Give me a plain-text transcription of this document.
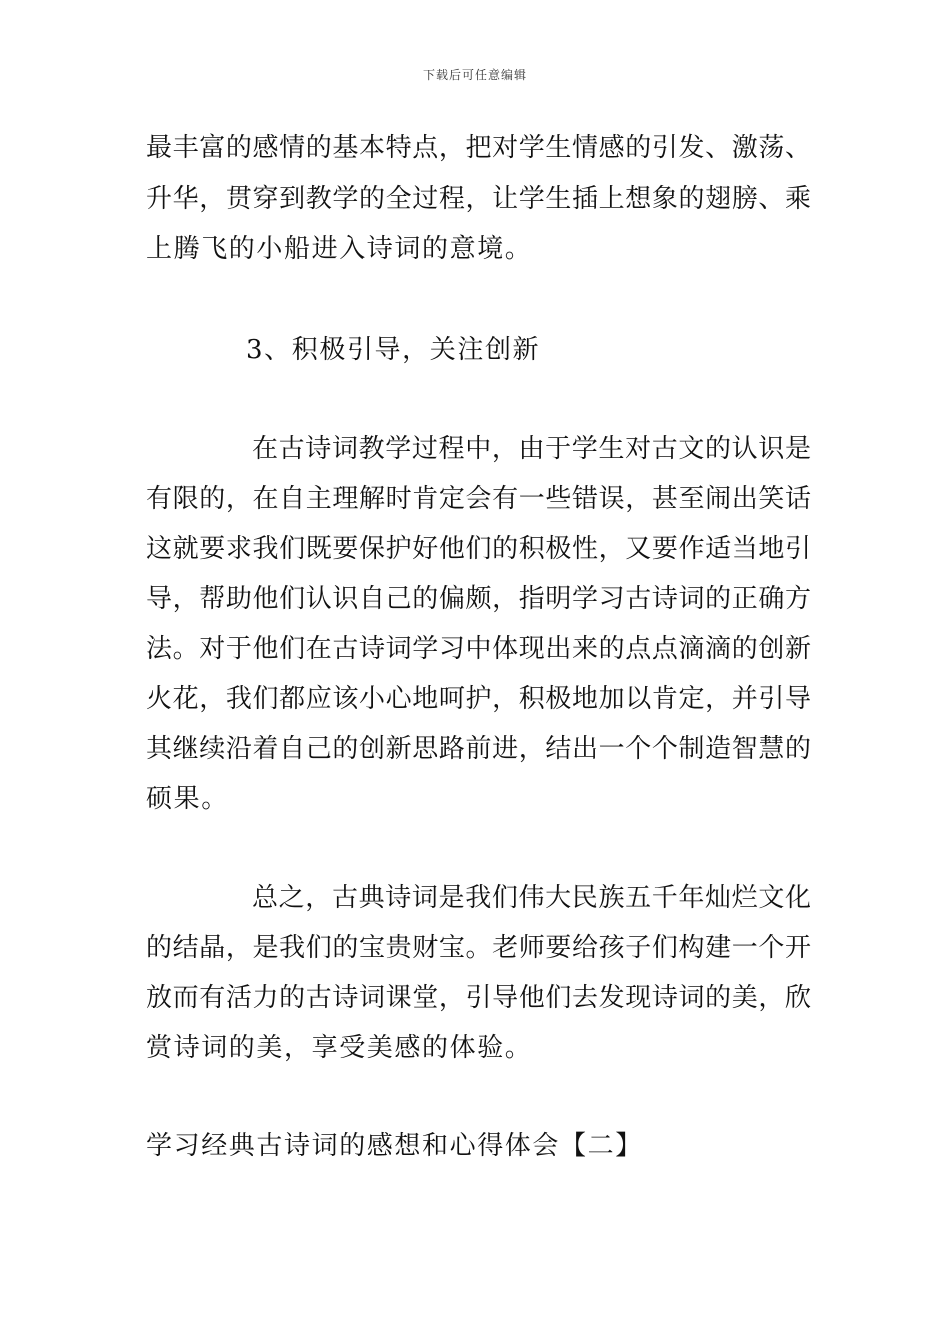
下载后可任意编辑
最丰富的感情的基本特点，把对学生情感的引发、激荡、
升华，贯穿到教学的全过程，让学生插上想象的翅膀、乘
上腾飞的小船进入诗词的意境。
3、积极引导，关注创新
在古诗词教学过程中，由于学生对古文的认识是
有限的，在自主理解时肯定会有一些错误，甚至闹出笑话
这就要求我们既要保护好他们的积极性，又要作适当地引
导，帮助他们认识自己的偏颇，指明学习古诗词的正确方
法。对于他们在古诗词学习中体现出来的点点滴滴的创新
火花，我们都应该小心地呵护，积极地加以肯定，并引导
其继续沿着自己的创新思路前进，结出一个个制造智慧的
硕果。
总之，古典诗词是我们伟大民族五千年灿烂文化
的结晶，是我们的宝贵财宝。老师要给孩子们构建一个开
放而有活力的古诗词课堂，引导他们去发现诗词的美，欣
赏诗词的美，享受美感的体验。
学习经典古诗词的感想和心得体会【二】
